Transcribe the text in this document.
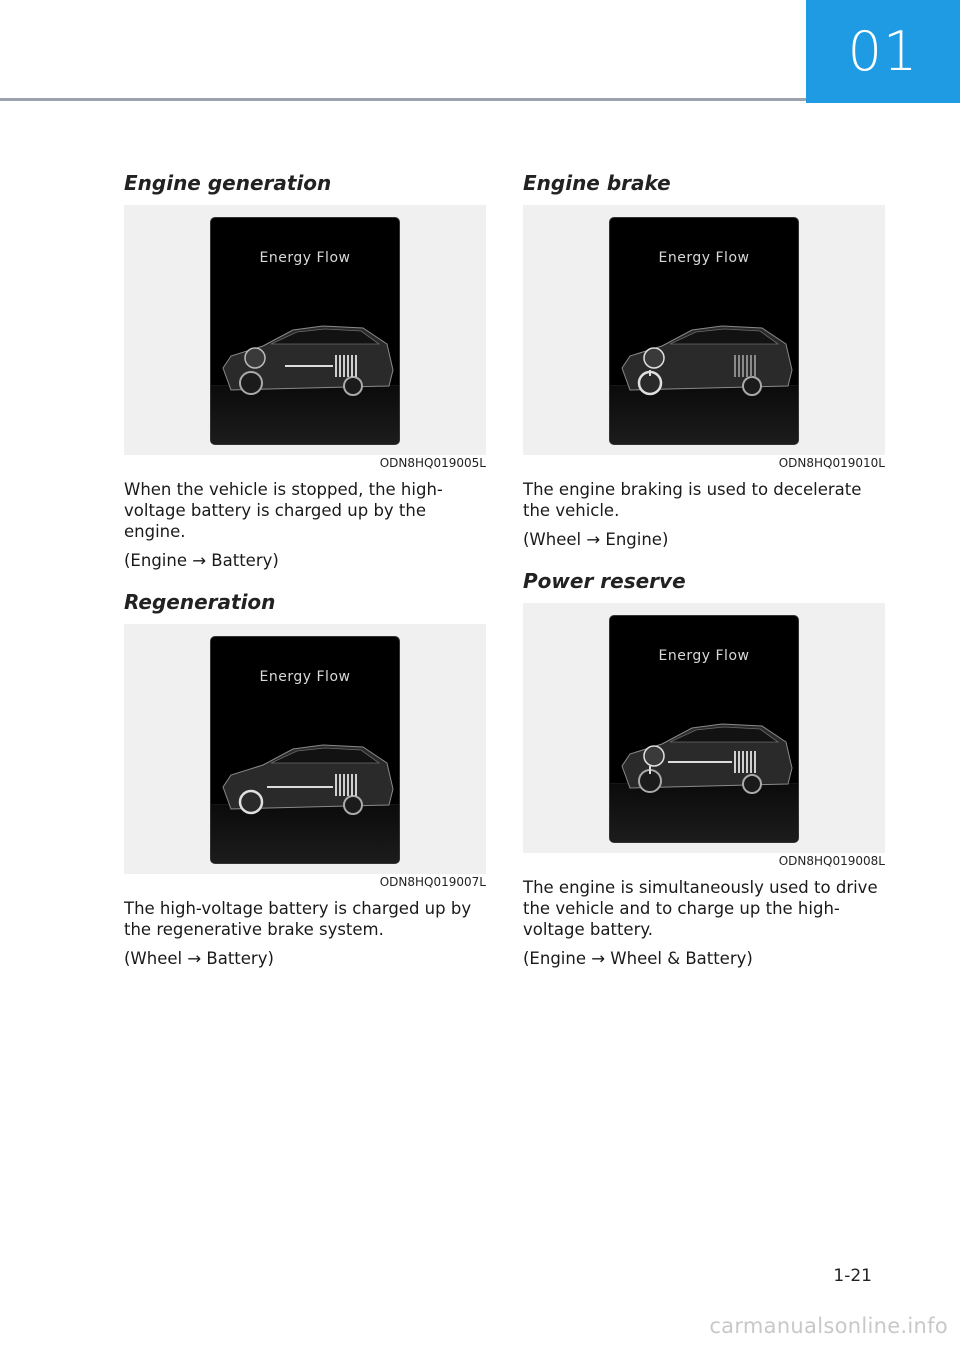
01
Engine generation
Energy Flow
ODN8HQ019005L

When the vehicle is stopped, the high-voltage battery is charged up by the engine.

(Engine → Battery)

Regeneration
Energy Flow
ODN8HQ019007L

The high-voltage battery is charged up by the regenerative brake system.

(Wheel → Battery)

Engine brake
Energy Flow
ODN8HQ019010L

The engine braking is used to decelerate the vehicle.

(Wheel → Engine)

Power reserve
Energy Flow
ODN8HQ019008L

The engine is simultaneously used to drive the vehicle and to charge up the high-voltage battery.

(Engine → Wheel & Battery)

1-21
carmanualsonline.info
